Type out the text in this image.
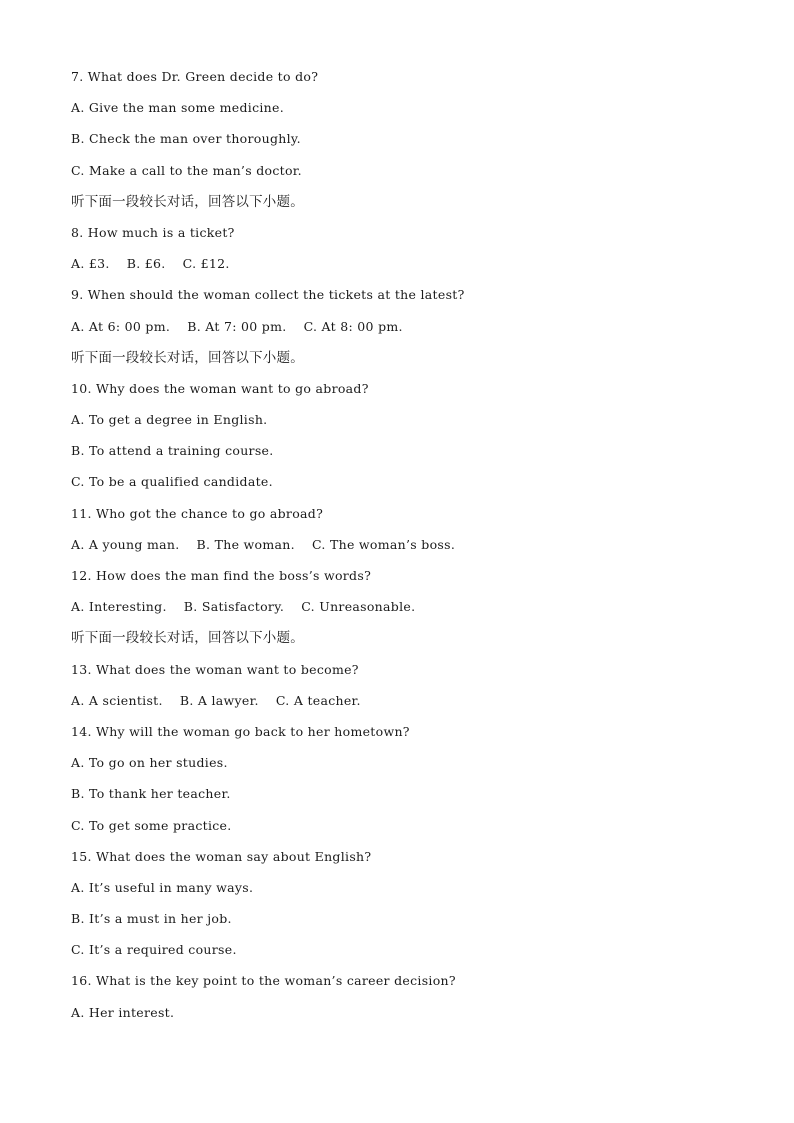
7. What does Dr. Green decide to do?
A. Give the man some medicine.
B. Check the man over thoroughly.
C. Make a call to the man’s doctor.
听下面一段较长对话，回答以下小题。
8. How much is a ticket?
A. £3.    B. £6.    C. £12.
9. When should the woman collect the tickets at the latest?
A. At 6: 00 pm.    B. At 7: 00 pm.    C. At 8: 00 pm.
听下面一段较长对话，回答以下小题。
10. Why does the woman want to go abroad?
A. To get a degree in English.
B. To attend a training course.
C. To be a qualified candidate.
11. Who got the chance to go abroad?
A. A young man.    B. The woman.    C. The woman’s boss.
12. How does the man find the boss’s words?
A. Interesting.    B. Satisfactory.    C. Unreasonable.
听下面一段较长对话，回答以下小题。
13. What does the woman want to become?
A. A scientist.    B. A lawyer.    C. A teacher.
14. Why will the woman go back to her hometown?
A. To go on her studies.
B. To thank her teacher.
C. To get some practice.
15. What does the woman say about English?
A. It’s useful in many ways.
B. It’s a must in her job.
C. It’s a required course.
16. What is the key point to the woman’s career decision?
A. Her interest.
